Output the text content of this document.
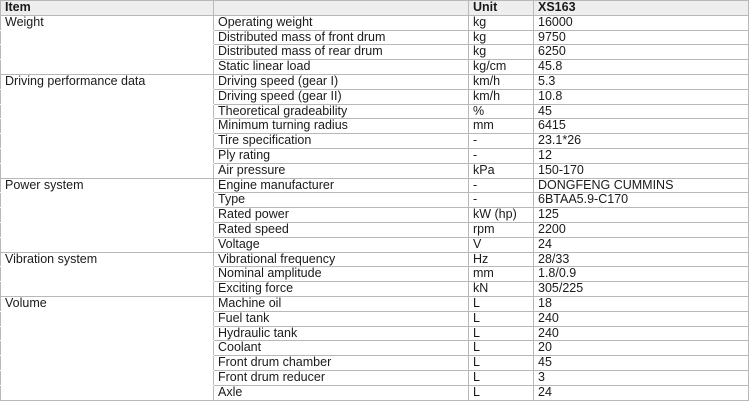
Item		Unit	XS163
Weight	Operating weight	kg	16000
	Distributed mass of front drum	kg	9750
	Distributed mass of rear drum	kg	6250
	Static linear load	kg/cm	45.8
Driving performance data	Driving speed (gear I)	km/h	5.3
	Driving speed (gear II)	km/h	10.8
	Theoretical gradeability	%	45
	Minimum turning radius	mm	6415
	Tire specification	-	23.1*26
	Ply rating	-	12
	Air pressure	kPa	150-170
Power system	Engine manufacturer	-	DONGFENG CUMMINS
	Type	-	6BTAA5.9-C170
	Rated power	kW (hp)	125
	Rated speed	rpm	2200
	Voltage	V	24
Vibration system	Vibrational frequency	Hz	28/33
	Nominal amplitude	mm	1.8/0.9
	Exciting force	kN	305/225
Volume	Machine oil	L	18
	Fuel tank	L	240
	Hydraulic tank	L	240
	Coolant	L	20
	Front drum chamber	L	45
	Front drum reducer	L	3
	Axle	L	24
